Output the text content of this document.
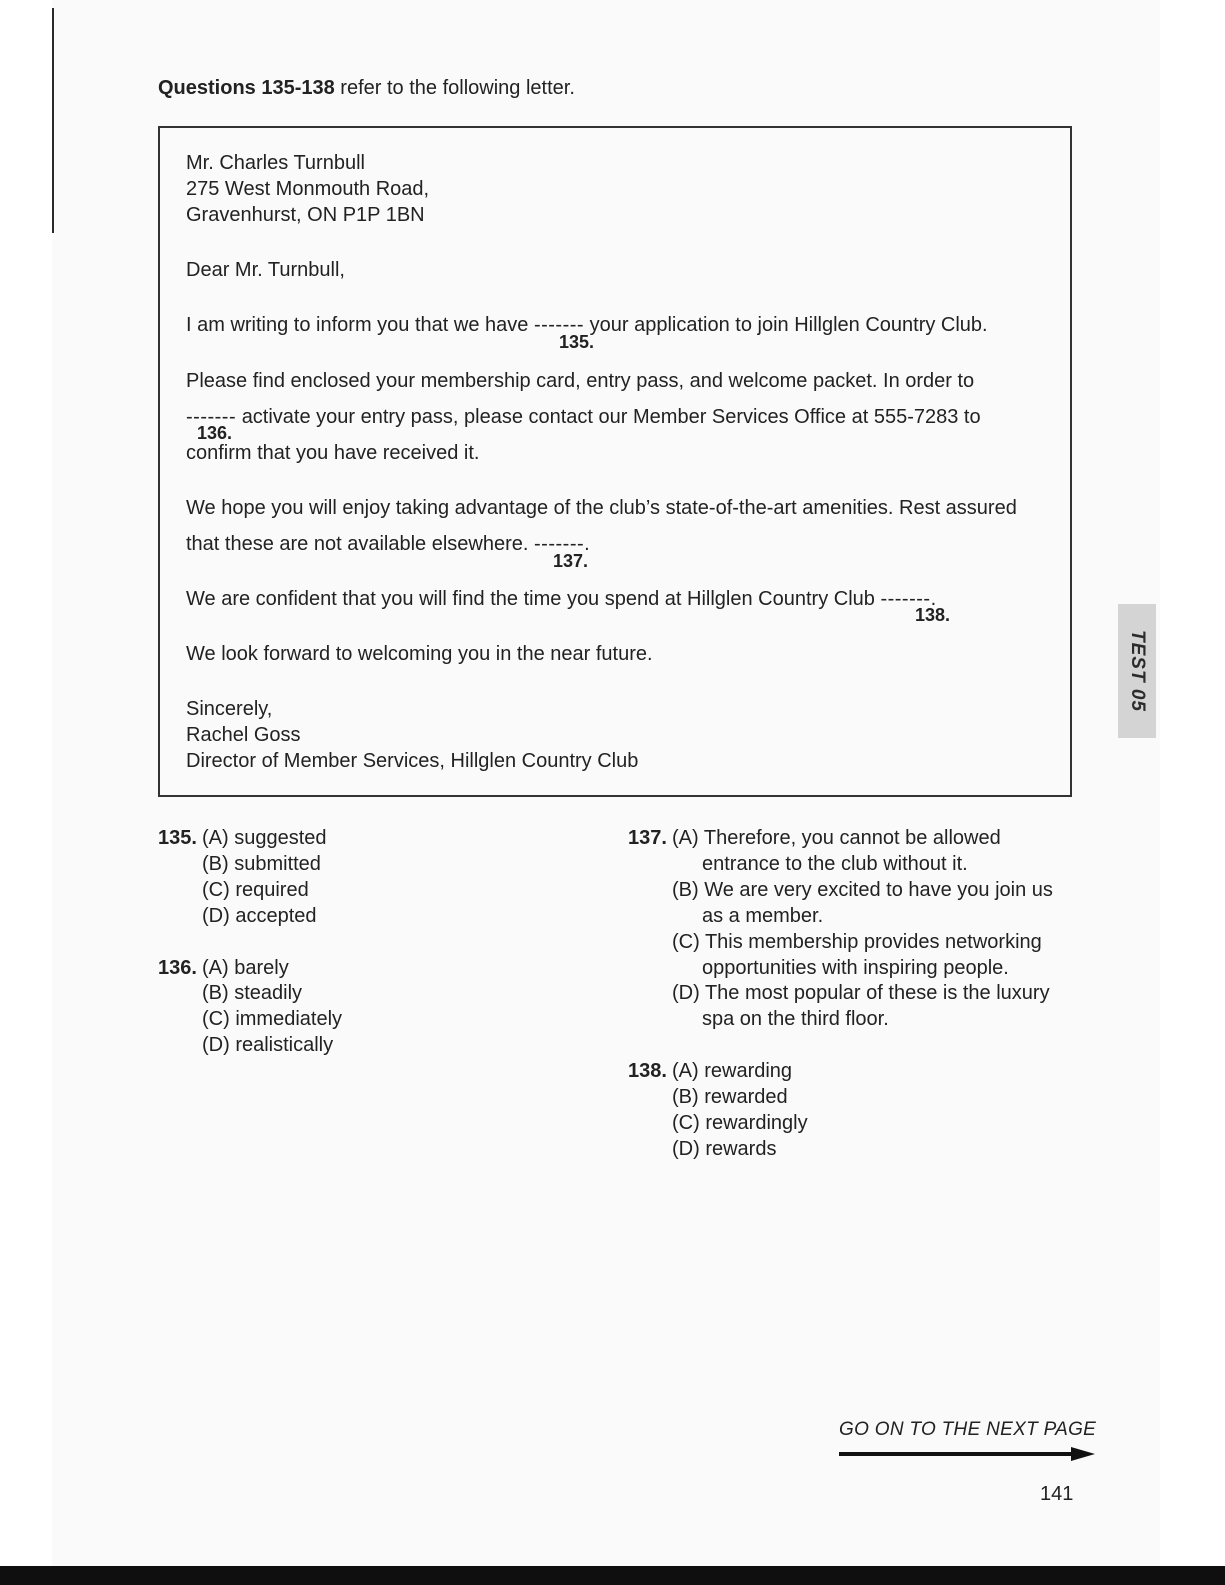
Questions 135-138 refer to the following letter.

Mr. Charles Turnbull

275 West Monmouth Road,

Gravenhurst, ON P1P 1BN

Dear Mr. Turnbull,

I am writing to inform you that we have ------- your application to join Hillglen Country Club.

135.

Please find enclosed your membership card, entry pass, and welcome packet. In order to

------- activate your entry pass, please contact our Member Services Office at 555-7283 to

136.

confirm that you have received it.

We hope you will enjoy taking advantage of the club’s state-of-the-art amenities. Rest assured

that these are not available elsewhere. -------.

137.

We are confident that you will find the time you spend at Hillglen Country Club -------.

138.

We look forward to welcoming you in the near future.

Sincerely,

Rachel Goss

Director of Member Services, Hillglen Country Club

135. (A) suggested
(B) submitted
(C) required
(D) accepted
136. (A) barely
(B) steadily
(C) immediately
(D) realistically
137. (A) Therefore, you cannot be allowed
entrance to the club without it.
(B) We are very excited to have you join us
as a member.
(C) This membership provides networking
opportunities with inspiring people.
(D) The most popular of these is the luxury
spa on the third floor.
138. (A) rewarding
(B) rewarded
(C) rewardingly
(D) rewards
TEST 05
GO ON TO THE NEXT PAGE
141
